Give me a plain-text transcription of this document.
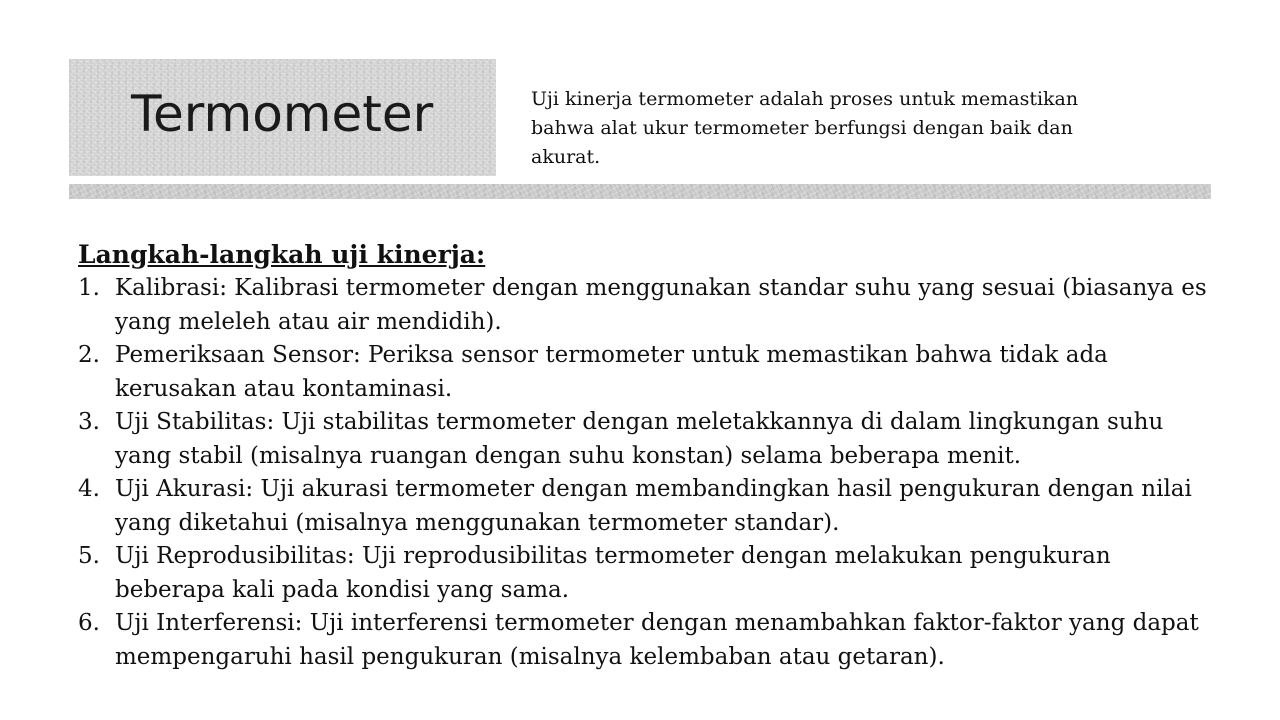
Termometer	Uji kinerja termometer adalah proses untuk memastikan bahwa alat ukur termometer berfungsi dengan baik dan akurat.

Langkah-langkah uji kinerja:
1. Kalibrasi: Kalibrasi termometer dengan menggunakan standar suhu yang sesuai (biasanya es yang meleleh atau air mendidih).
2. Pemeriksaan Sensor: Periksa sensor termometer untuk memastikan bahwa tidak ada kerusakan atau kontaminasi.
3. Uji Stabilitas: Uji stabilitas termometer dengan meletakkannya di dalam lingkungan suhu yang stabil (misalnya ruangan dengan suhu konstan) selama beberapa menit.
4. Uji Akurasi: Uji akurasi termometer dengan membandingkan hasil pengukuran dengan nilai yang diketahui (misalnya menggunakan termometer standar).
5. Uji Reprodusibilitas: Uji reprodusibilitas termometer dengan melakukan pengukuran beberapa kali pada kondisi yang sama.
6. Uji Interferensi: Uji interferensi termometer dengan menambahkan faktor-faktor yang dapat mempengaruhi hasil pengukuran (misalnya kelembaban atau getaran).
